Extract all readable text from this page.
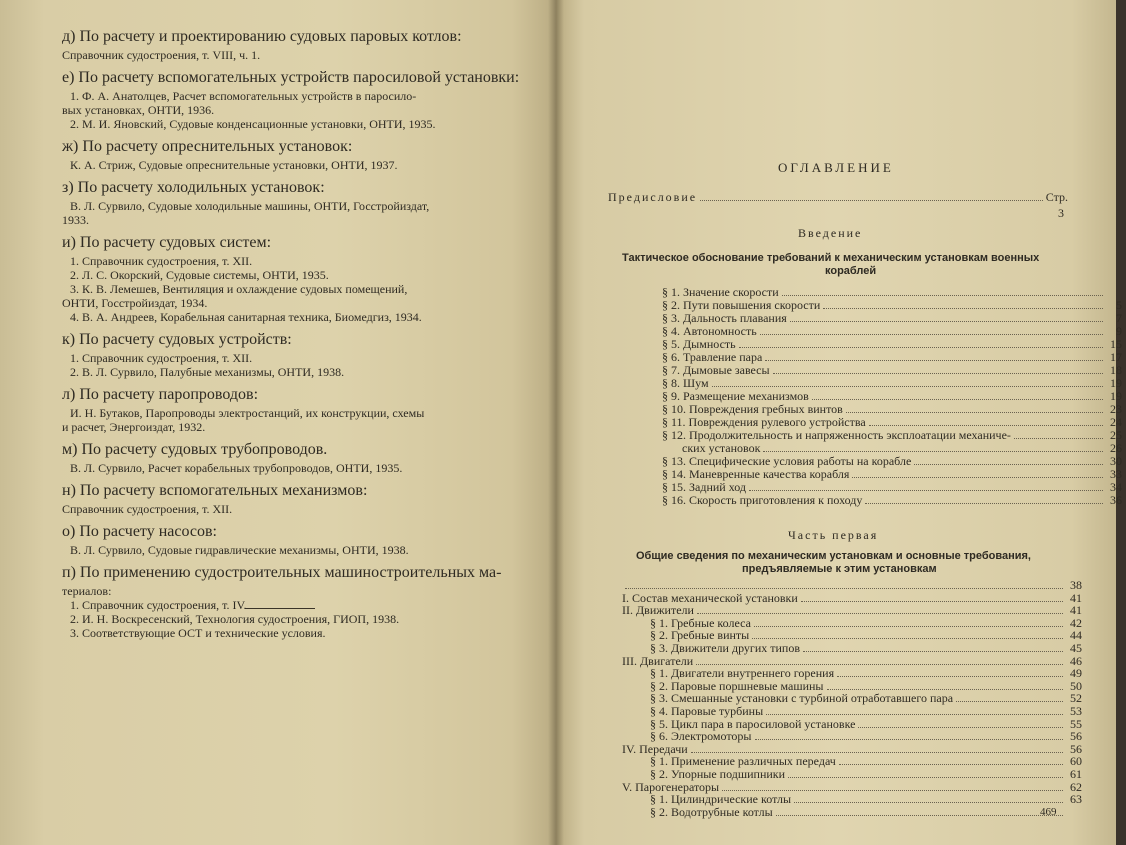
д) По расчету и проектированию судовых паровых котлов:
Справочник судостроения, т. VIII, ч. 1.
е) По расчету вспомогательных устройств паросиловой установки:
1. Ф. А. Анатолцев, Расчет вспомогательных устройств в паросило-
вых установках, ОНТИ, 1936.
2. М. И. Яновский, Судовые конденсационные установки, ОНТИ, 1935.
ж) По расчету опреснительных установок:
К. А. Стриж, Судовые опреснительные установки, ОНТИ, 1937.
з) По расчету холодильных установок:
В. Л. Сурвило, Судовые холодильные машины, ОНТИ, Госстройиздат,
1933.
и) По расчету судовых систем:
1. Справочник судостроения, т. XII.
2. Л. С. Окорский, Судовые системы, ОНТИ, 1935.
3. К. В. Лемешев, Вентиляция и охлаждение судовых помещений,
ОНТИ, Госстройиздат, 1934.
4. В. А. Андреев, Корабельная санитарная техника, Биомедгиз, 1934.
к) По расчету судовых устройств:
1. Справочник судостроения, т. XII.
2. В. Л. Сурвило, Палубные механизмы, ОНТИ, 1938.
л) По расчету паропроводов:
И. Н. Бутаков, Паропроводы электростанций, их конструкции, схемы
и расчет, Энергоиздат, 1932.
м) По расчету судовых трубопроводов.
В. Л. Сурвило, Расчет корабельных трубопроводов, ОНТИ, 1935.
н) По расчету вспомогательных механизмов:
Справочник судостроения, т. XII.
о) По расчету насосов:
В. Л. Сурвило, Судовые гидравлические механизмы, ОНТИ, 1938.
п) По применению судостроительных машиностроительных ма-
териалов:
1. Справочник судостроения, т. IV.
2. И. Н. Воскресенский, Технология судостроения, ГИОП, 1938.
3. Соответствующие ОСТ и технические условия.
ОГЛАВЛЕНИЕ
Предисловие	Стр.
3
Введение
Тактическое обоснование требований к механическим установкам военных
кораблей
§ 1. Значение скорости
§ 2. Пути повышения скорости	5
§ 3. Дальность плавания	7
§ 4. Автономность	9
§ 5. Дымность	15
§ 6. Травление пара	17
§ 7. Дымовые завесы	18
§ 8. Шум	19
§ 9. Размещение механизмов	19
§ 10. Повреждения гребных винтов	23
§ 11. Повреждения рулевого устройства	24
§ 12. Продолжительность и напряженность эксплоатации механиче-	25
ских установок	26
§ 13. Специфические условия работы на корабле	30
§ 14. Маневренные качества корабля	33
§ 15. Задний ход	34
§ 16. Скорость приготовления к походу	36
Часть первая
Общие сведения по механическим установкам и основные требования,
предъявляемые к этим установкам
38
I. Состав механической установки	41
II. Движители	41
§ 1. Гребные колеса	42
§ 2. Гребные винты	44
§ 3. Движители других типов	45
III. Двигатели	46
§ 1. Двигатели внутреннего горения	49
§ 2. Паровые поршневые машины	50
§ 3. Смешанные установки с турбиной отработавшего пара	52
§ 4. Паровые турбины	53
§ 5. Цикл пара в паросиловой установке	55
§ 6. Электромоторы	56
IV. Передачи	56
§ 1. Применение различных передач	60
§ 2. Упорные подшипники	61
V. Парогенераторы	62
§ 1. Цилиндрические котлы	63
§ 2. Водотрубные котлы	469
